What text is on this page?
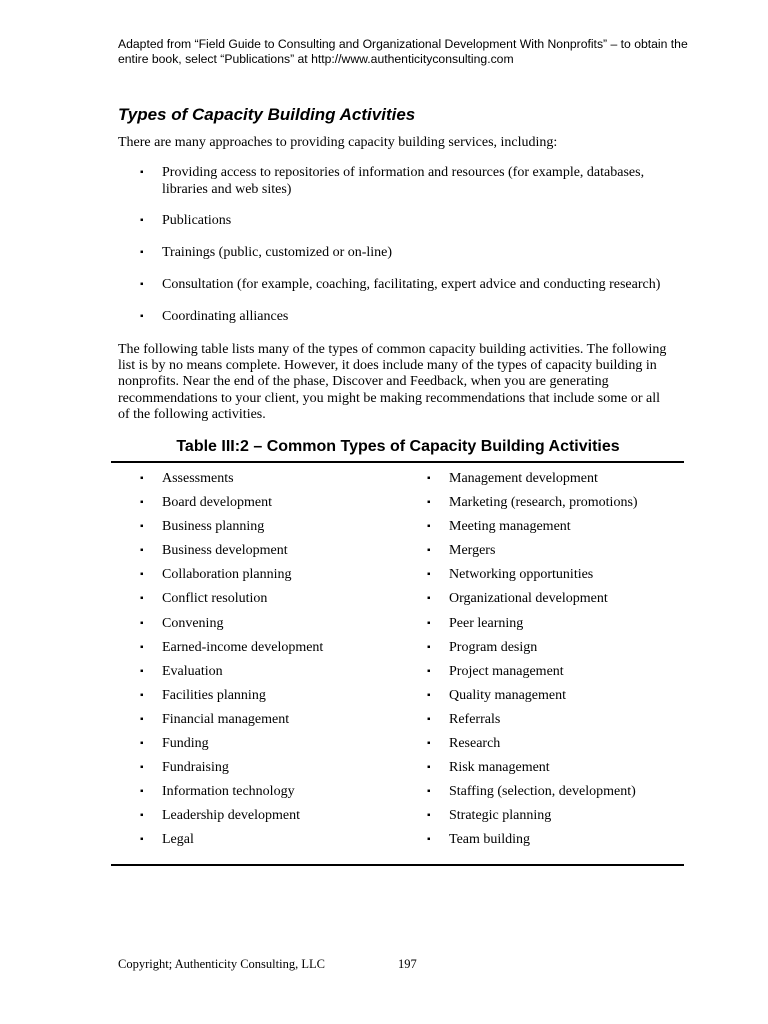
Adapted from “Field Guide to Consulting and Organizational Development With Nonprofits” – to obtain the entire book, select “Publications” at http://www.authenticityconsulting.com
Types of Capacity Building Activities
There are many approaches to providing capacity building services, including:
▪ Providing access to repositories of information and resources (for example, databases, libraries and web sites)
▪ Publications
▪ Trainings (public, customized or on-line)
▪ Consultation (for example, coaching, facilitating, expert advice and conducting research)
▪ Coordinating alliances
The following table lists many of the types of common capacity building activities. The following list is by no means complete. However, it does include many of the types of capacity building in nonprofits. Near the end of the phase, Discover and Feedback, when you are generating recommendations to your client, you might be making recommendations that include some or all of the following activities.
Table III:2 – Common Types of Capacity Building Activities
▪ Assessments
▪ Board development
▪ Business planning
▪ Business development
▪ Collaboration planning
▪ Conflict resolution
▪ Convening
▪ Earned-income development
▪ Evaluation
▪ Facilities planning
▪ Financial management
▪ Funding
▪ Fundraising
▪ Information technology
▪ Leadership development
▪ Legal
▪ Management development
▪ Marketing (research, promotions)
▪ Meeting management
▪ Mergers
▪ Networking opportunities
▪ Organizational development
▪ Peer learning
▪ Program design
▪ Project management
▪ Quality management
▪ Referrals
▪ Research
▪ Risk management
▪ Staffing (selection, development)
▪ Strategic planning
▪ Team building
Copyright; Authenticity Consulting, LLC	197
